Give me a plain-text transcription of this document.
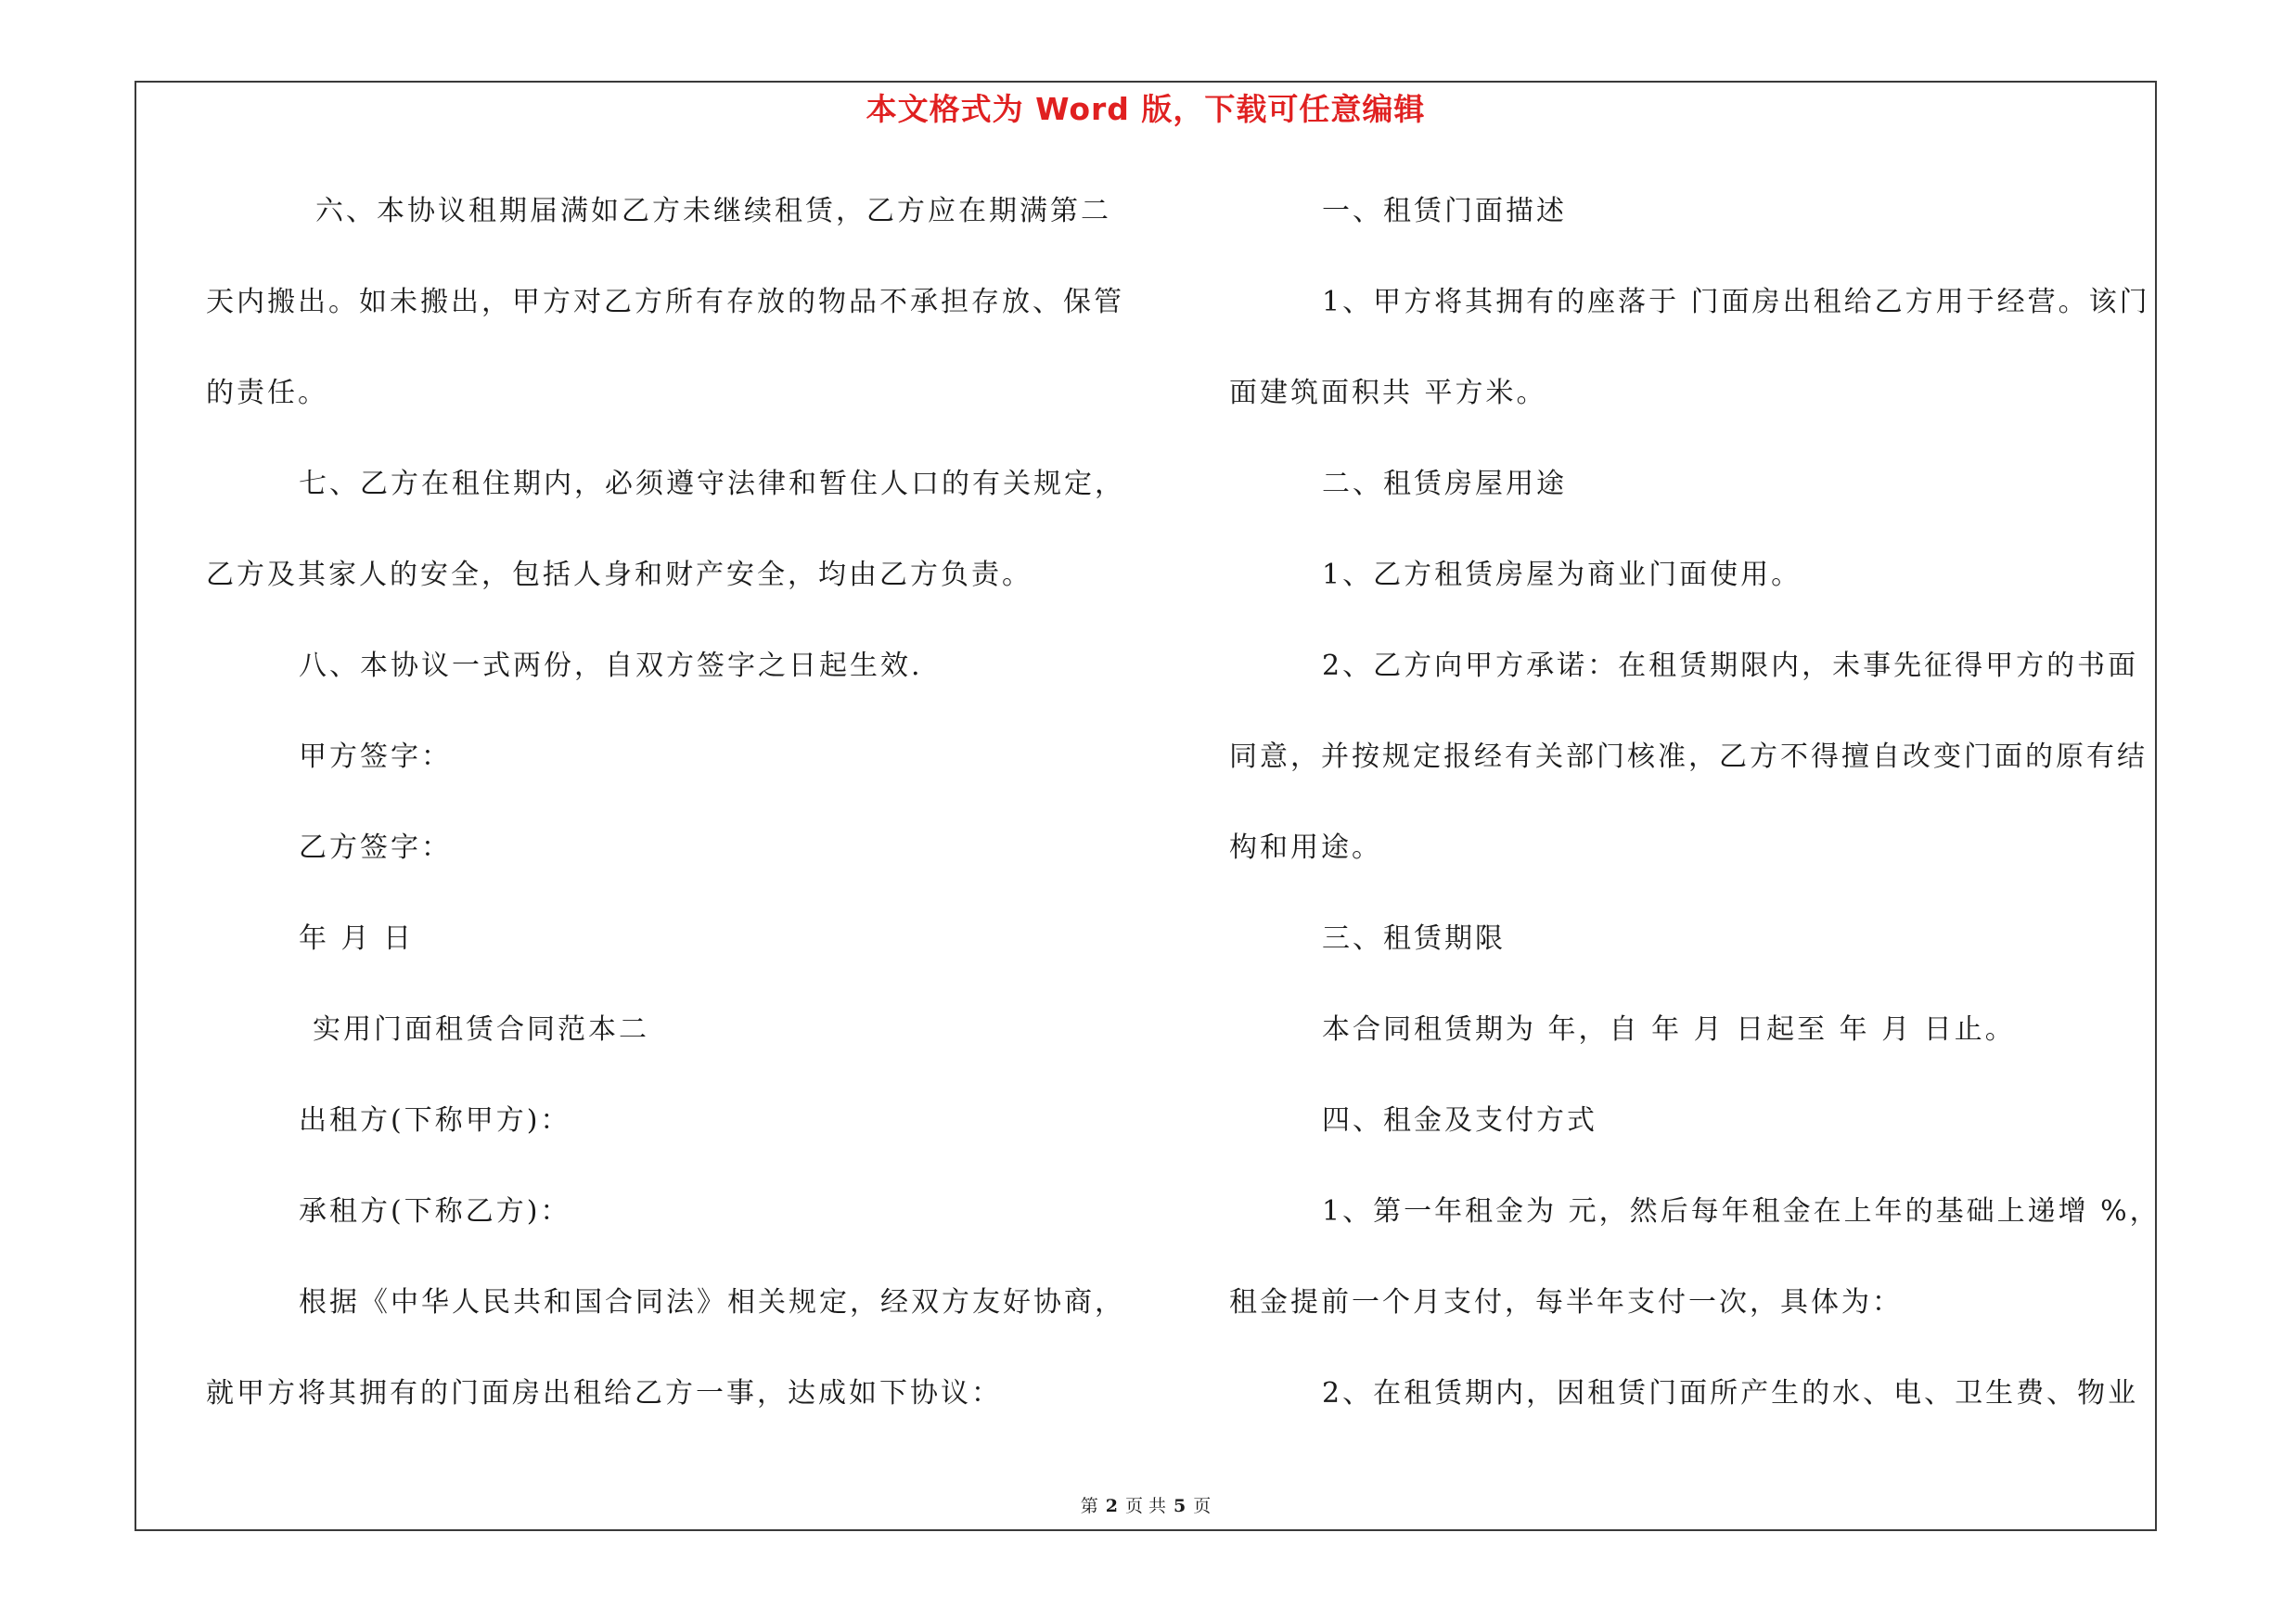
本文格式为 Word 版，下载可任意编辑
六、本协议租期届满如乙方未继续租赁，乙方应在期满第二
天内搬出。如未搬出，甲方对乙方所有存放的物品不承担存放、保管
的责任。
七、乙方在租住期内，必须遵守法律和暂住人口的有关规定，
乙方及其家人的安全，包括人身和财产安全，均由乙方负责。
八、本协议一式两份，自双方签字之日起生效.
甲方签字：
乙方签字：
年 月 日
实用门面租赁合同范本二
出租方(下称甲方)：
承租方(下称乙方)：
根据《中华人民共和国合同法》相关规定，经双方友好协商，
就甲方将其拥有的门面房出租给乙方一事，达成如下协议：
一、租赁门面描述
1、甲方将其拥有的座落于 门面房出租给乙方用于经营。该门
面建筑面积共 平方米。
二、租赁房屋用途
1、乙方租赁房屋为商业门面使用。
2、乙方向甲方承诺：在租赁期限内，未事先征得甲方的书面
同意，并按规定报经有关部门核准，乙方不得擅自改变门面的原有结
构和用途。
三、租赁期限
本合同租赁期为 年，自 年 月 日起至 年 月 日止。
四、租金及支付方式
1、第一年租金为 元，然后每年租金在上年的基础上递增 %，
租金提前一个月支付，每半年支付一次，具体为：
2、在租赁期内，因租赁门面所产生的水、电、卫生费、物业
第 2 页 共 5 页
